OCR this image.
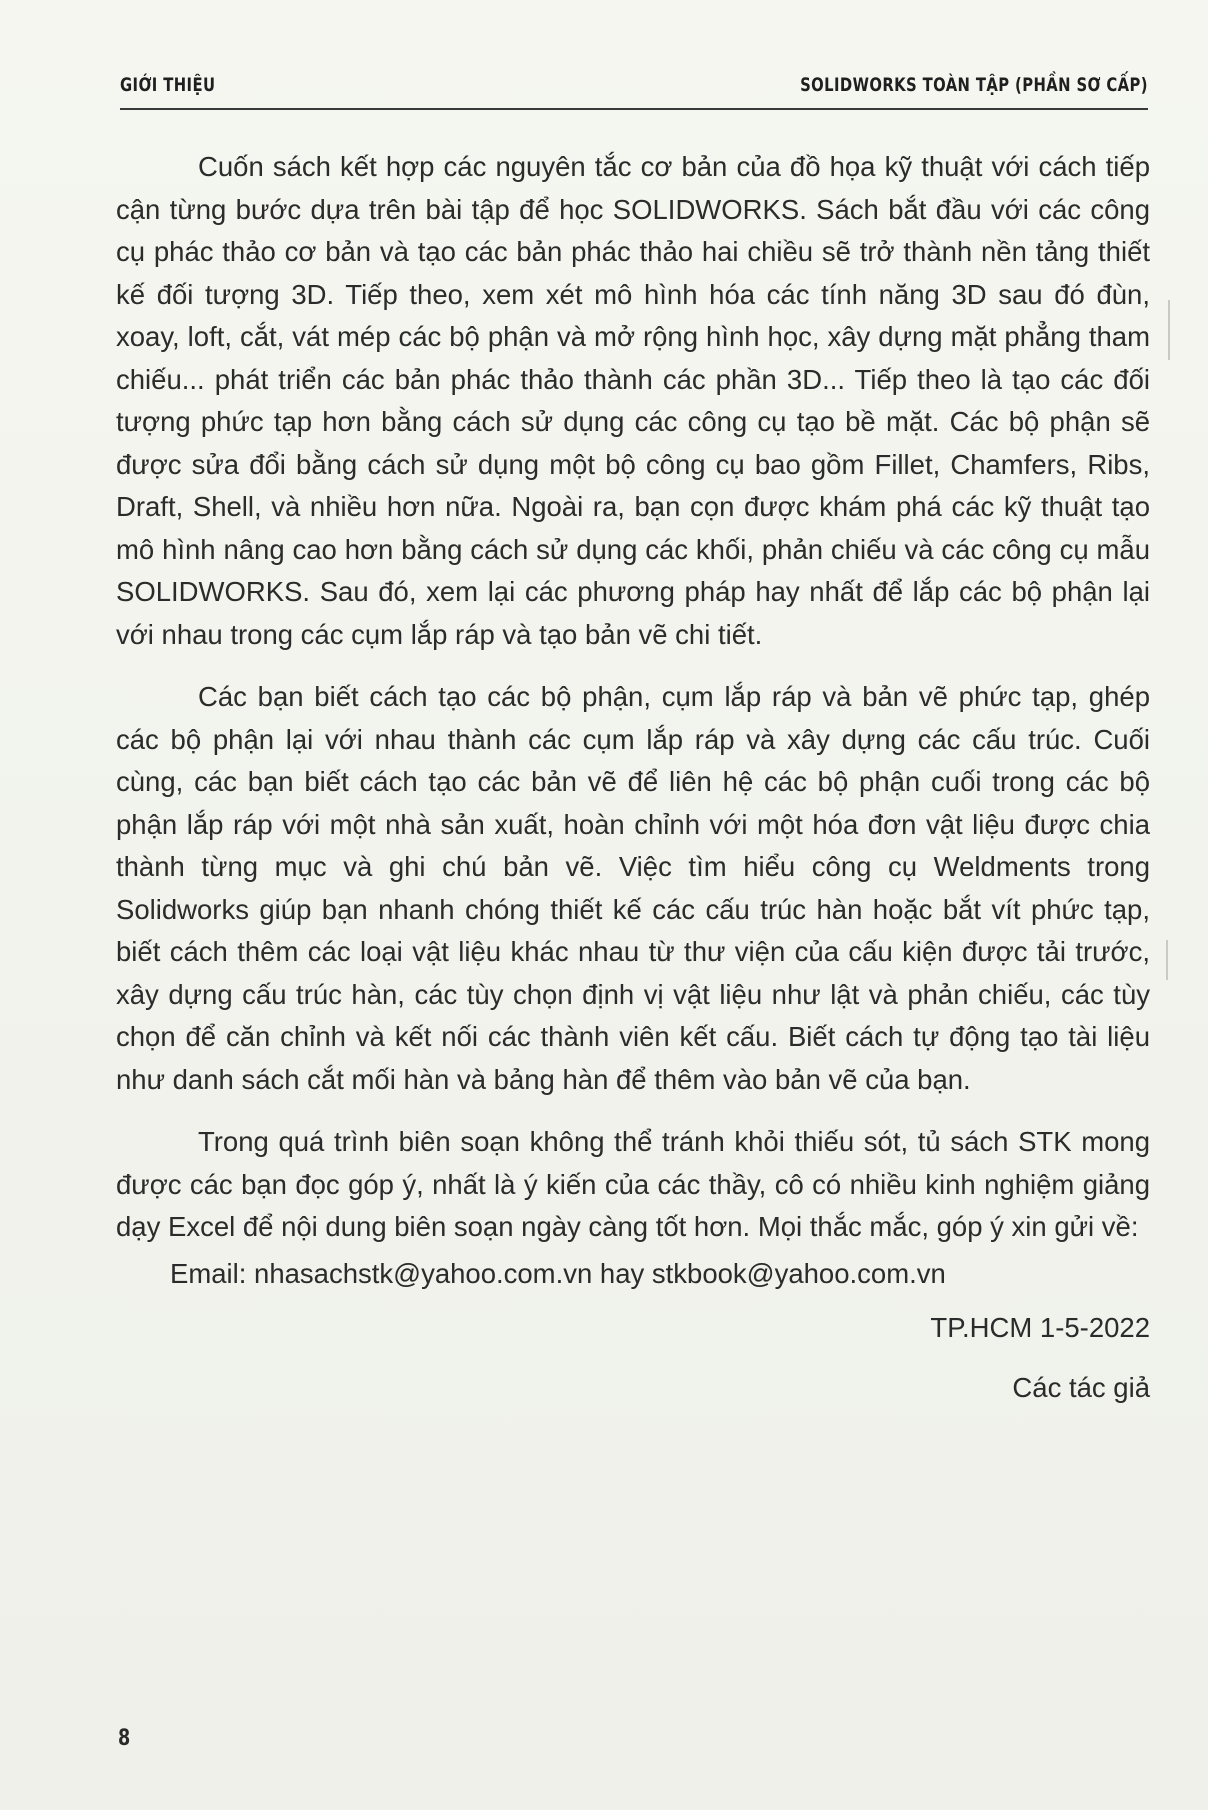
GIỚI THIỆU	SOLIDWORKS TOÀN TẬP (PHẦN SƠ CẤP)

Cuốn sách kết hợp các nguyên tắc cơ bản của đồ họa kỹ thuật với cách tiếp cận từng bước dựa trên bài tập để học SOLIDWORKS. Sách bắt đầu với các công cụ phác thảo cơ bản và tạo các bản phác thảo hai chiều sẽ trở thành nền tảng thiết kế đối tượng 3D. Tiếp theo, xem xét mô hình hóa các tính năng 3D sau đó đùn, xoay, loft, cắt, vát mép các bộ phận và mở rộng hình học, xây dựng mặt phẳng tham chiếu... phát triển các bản phác thảo thành các phần 3D... Tiếp theo là tạo các đối tượng phức tạp hơn bằng cách sử dụng các công cụ tạo bề mặt. Các bộ phận sẽ được sửa đổi bằng cách sử dụng một bộ công cụ bao gồm Fillet, Chamfers, Ribs, Draft, Shell, và nhiều hơn nữa. Ngoài ra, bạn cọn được khám phá các kỹ thuật tạo mô hình nâng cao hơn bằng cách sử dụng các khối, phản chiếu và các công cụ mẫu SOLIDWORKS. Sau đó, xem lại các phương pháp hay nhất để lắp các bộ phận lại với nhau trong các cụm lắp ráp và tạo bản vẽ chi tiết.

Các bạn biết cách tạo các bộ phận, cụm lắp ráp và bản vẽ phức tạp, ghép các bộ phận lại với nhau thành các cụm lắp ráp và xây dựng các cấu trúc. Cuối cùng, các bạn biết cách tạo các bản vẽ để liên hệ các bộ phận cuối trong các bộ phận lắp ráp với một nhà sản xuất, hoàn chỉnh với một hóa đơn vật liệu được chia thành từng mục và ghi chú bản vẽ. Việc tìm hiểu công cụ Weldments trong Solidworks giúp bạn nhanh chóng thiết kế các cấu trúc hàn hoặc bắt vít phức tạp, biết cách thêm các loại vật liệu khác nhau từ thư viện của cấu kiện được tải trước, xây dựng cấu trúc hàn, các tùy chọn định vị vật liệu như lật và phản chiếu, các tùy chọn để căn chỉnh và kết nối các thành viên kết cấu. Biết cách tự động tạo tài liệu như danh sách cắt mối hàn và bảng hàn để thêm vào bản vẽ của bạn.

Trong quá trình biên soạn không thể tránh khỏi thiếu sót, tủ sách STK mong được các bạn đọc góp ý, nhất là ý kiến của các thầy, cô có nhiều kinh nghiệm giảng dạy Excel để nội dung biên soạn ngày càng tốt hơn. Mọi thắc mắc, góp ý xin gửi về:

Email: nhasachstk@yahoo.com.vn hay stkbook@yahoo.com.vn

TP.HCM 1-5-2022

Các tác giả

8
